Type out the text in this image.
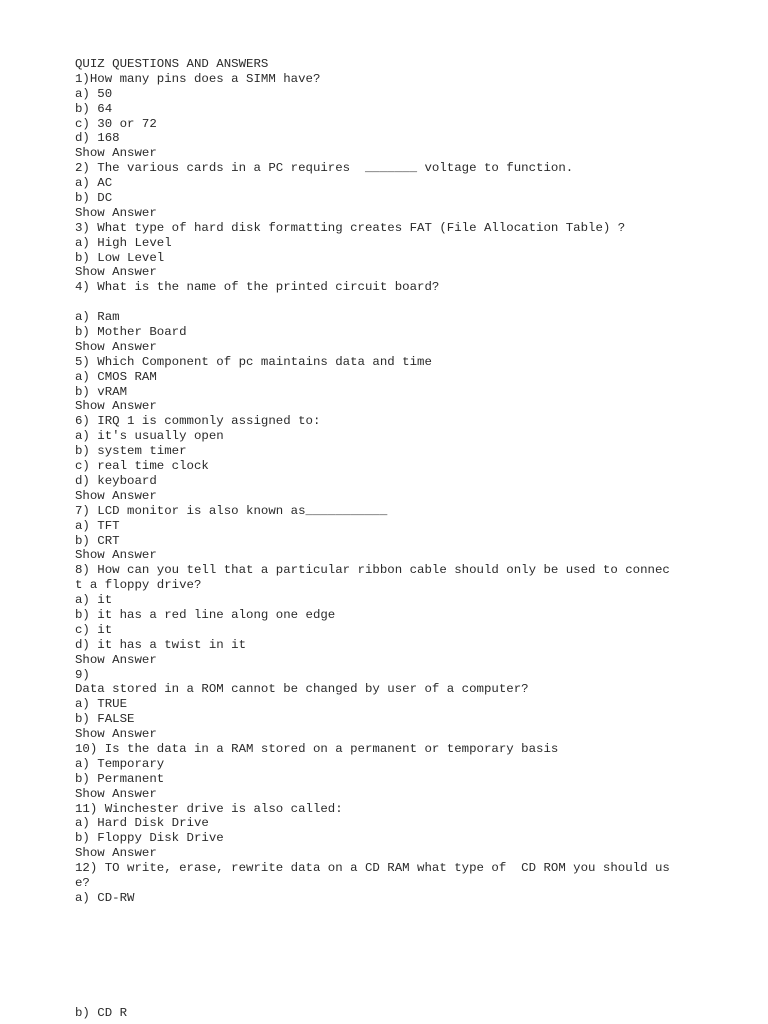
QUIZ QUESTIONS AND ANSWERS
1)How many pins does a SIMM have?
a) 50
b) 64
c) 30 or 72
d) 168
Show Answer
2) The various cards in a PC requires  _______ voltage to function.
a) AC
b) DC
Show Answer
3) What type of hard disk formatting creates FAT (File Allocation Table) ?
a) High Level
b) Low Level
Show Answer
4) What is the name of the printed circuit board?
a) Ram
b) Mother Board
Show Answer
5) Which Component of pc maintains data and time
a) CMOS RAM
b) vRAM
Show Answer
6) IRQ 1 is commonly assigned to:
a) it's usually open
b) system timer
c) real time clock
d) keyboard
Show Answer
7) LCD monitor is also known as___________
a) TFT
b) CRT
Show Answer
8) How can you tell that a particular ribbon cable should only be used to connec
t a floppy drive?
a) it
b) it has a red line along one edge
c) it
d) it has a twist in it
Show Answer
9)
Data stored in a ROM cannot be changed by user of a computer?
a) TRUE
b) FALSE
Show Answer
10) Is the data in a RAM stored on a permanent or temporary basis
a) Temporary
b) Permanent
Show Answer
11) Winchester drive is also called:
a) Hard Disk Drive
b) Floppy Disk Drive
Show Answer
12) TO write, erase, rewrite data on a CD RAM what type of  CD ROM you should us
e?
a) CD-RW
b) CD R
